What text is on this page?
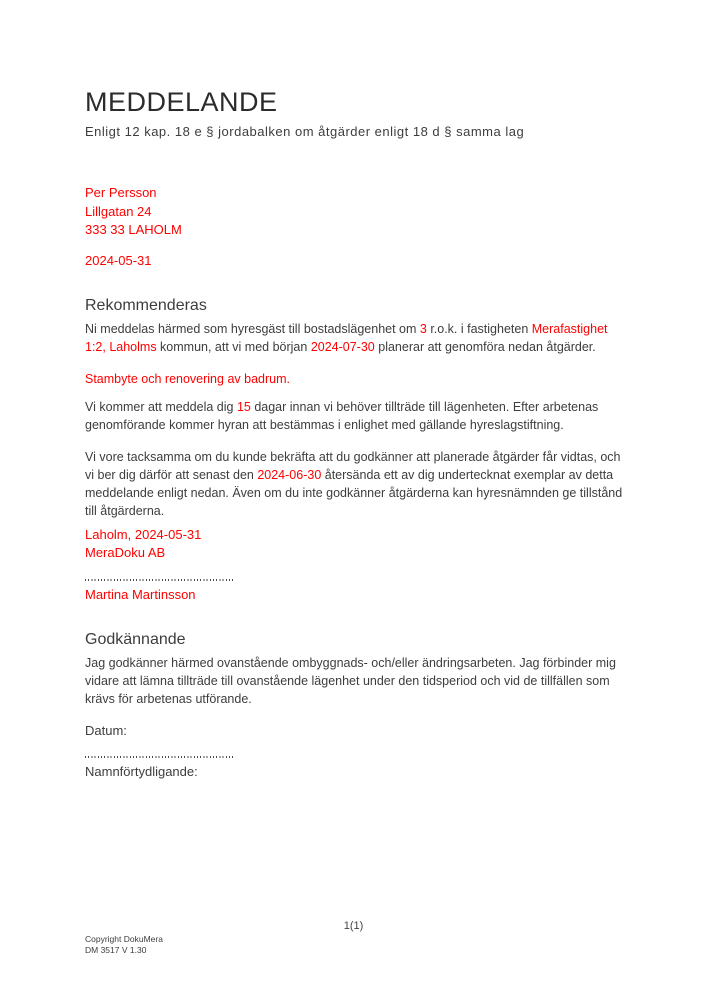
MEDDELANDE
Enligt 12 kap. 18 e § jordabalken om åtgärder enligt 18 d § samma lag
Per Persson
Lillgatan 24
333 33 LAHOLM
2024-05-31
Rekommenderas

Ni meddelas härmed som hyresgäst till bostadslägenhet om 3 r.o.k. i fastigheten Merafastighet 1:2, Laholms kommun, att vi med början 2024-07-30 planerar att genomföra nedan åtgärder.

Stambyte och renovering av badrum.

Vi kommer att meddela dig 15 dagar innan vi behöver tillträde till lägenheten. Efter arbetenas genomförande kommer hyran att bestämmas i enlighet med gällande hyreslagstiftning.

Vi vore tacksamma om du kunde bekräfta att du godkänner att planerade åtgärder får vidtas, och vi ber dig därför att senast den 2024-06-30 återsända ett av dig undertecknat exemplar av detta meddelande enligt nedan. Även om du inte godkänner åtgärderna kan hyresnämnden ge tillstånd till åtgärderna.

Laholm, 2024-05-31
MeraDoku AB
Martina Martinsson
Godkännande

Jag godkänner härmed ovanstående ombyggnads- och/eller ändringsarbeten. Jag förbinder mig vidare att lämna tillträde till ovanstående lägenhet under den tidsperiod och vid de tillfällen som krävs för arbetenas utförande.

Datum:
Namnförtydligande:
1(1)
Copyright DokuMera
DM 3517 V 1.30
